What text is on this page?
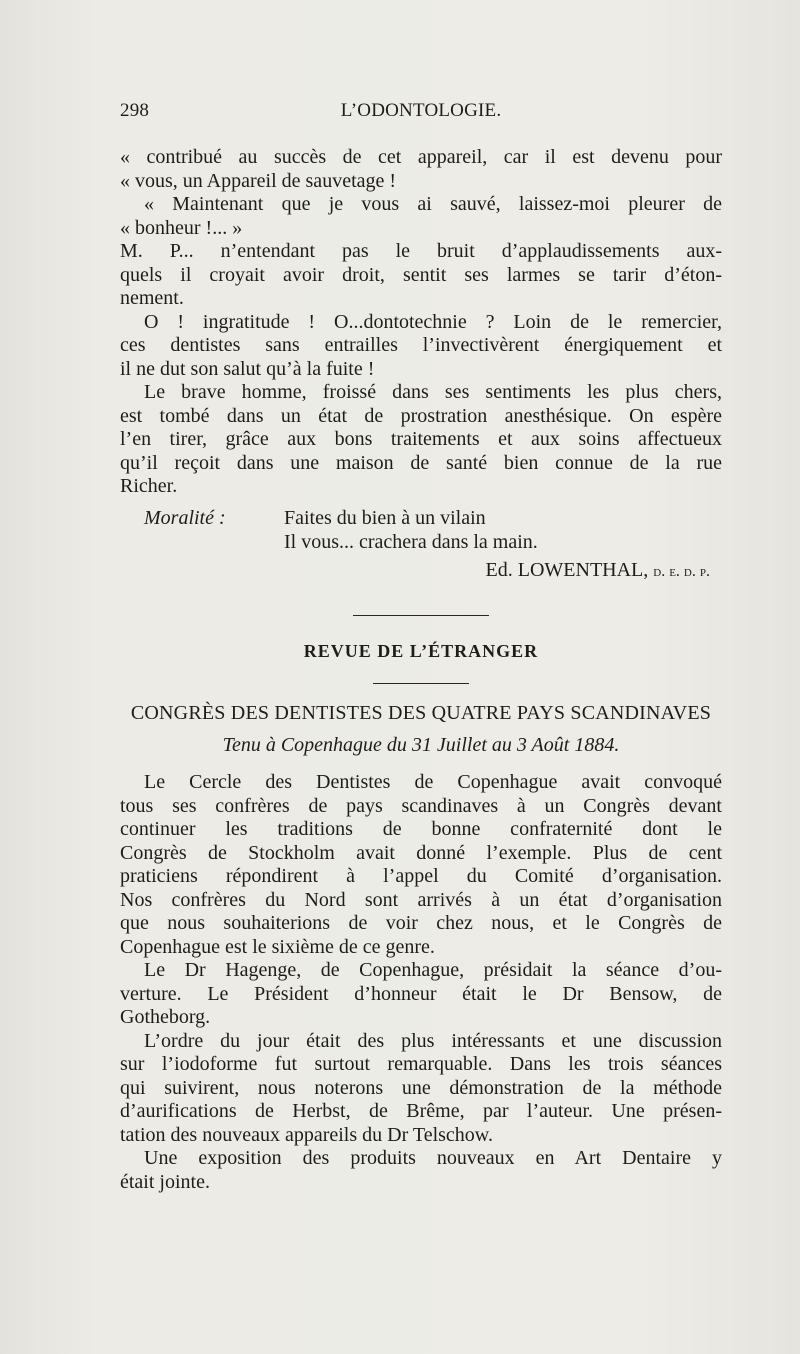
298	L’ODONTOLOGIE.
« contribué au succès de cet appareil, car il est devenu pour
« vous, un Appareil de sauvetage !
« Maintenant que je vous ai sauvé, laissez-moi pleurer de
« bonheur !... »
M. P... n’entendant pas le bruit d’applaudissements aux-
quels il croyait avoir droit, sentit ses larmes se tarir d’éton-
nement.
O ! ingratitude ! O...dontotechnie ? Loin de le remercier,
ces dentistes sans entrailles l’invectivèrent énergiquement et
il ne dut son salut qu’à la fuite !
Le brave homme, froissé dans ses sentiments les plus chers,
est tombé dans un état de prostration anesthésique. On espère
l’en tirer, grâce aux bons traitements et aux soins affectueux
qu’il reçoit dans une maison de santé bien connue de la rue
Richer.
Moralité :	Faites du bien à un vilain
Il vous... crachera dans la main.
Ed. LOWENTHAL, d. e. d. p.
REVUE DE L’ÉTRANGER
CONGRÈS DES DENTISTES DES QUATRE PAYS SCANDINAVES
Tenu à Copenhague du 31 Juillet au 3 Août 1884.
Le Cercle des Dentistes de Copenhague avait convoqué
tous ses confrères de pays scandinaves à un Congrès devant
continuer les traditions de bonne confraternité dont le
Congrès de Stockholm avait donné l’exemple. Plus de cent
praticiens répondirent à l’appel du Comité d’organisation.
Nos confrères du Nord sont arrivés à un état d’organisation
que nous souhaiterions de voir chez nous, et le Congrès de
Copenhague est le sixième de ce genre.
Le Dr Hagenge, de Copenhague, présidait la séance d’ou-
verture. Le Président d’honneur était le Dr Bensow, de
Gotheborg.
L’ordre du jour était des plus intéressants et une discussion
sur l’iodoforme fut surtout remarquable. Dans les trois séances
qui suivirent, nous noterons une démonstration de la méthode
d’aurifications de Herbst, de Brême, par l’auteur. Une présen-
tation des nouveaux appareils du Dr Telschow.
Une exposition des produits nouveaux en Art Dentaire y
était jointe.
